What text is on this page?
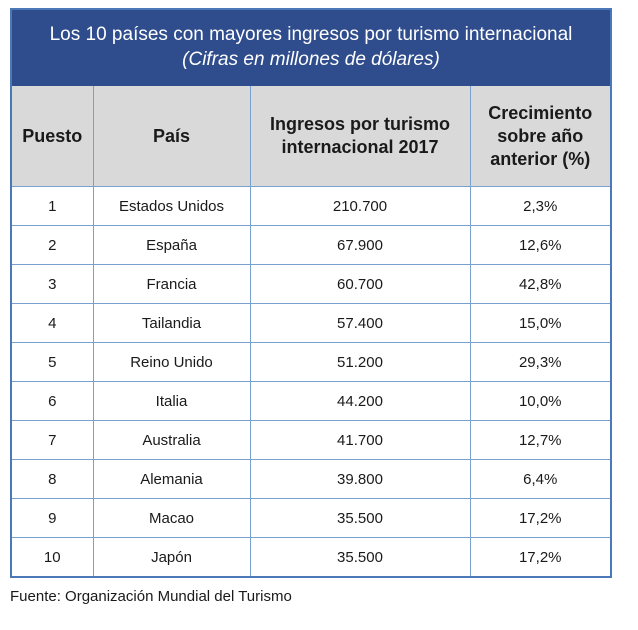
Los 10 países con mayores ingresos por turismo internacional
(Cifras en millones de dólares)
Puesto	País	Ingresos por turismo internacional 2017	Crecimiento sobre año anterior (%)
1	Estados Unidos	210.700	2,3%
2	España	67.900	12,6%
3	Francia	60.700	42,8%
4	Tailandia	57.400	15,0%
5	Reino Unido	51.200	29,3%
6	Italia	44.200	10,0%
7	Australia	41.700	12,7%
8	Alemania	39.800	6,4%
9	Macao	35.500	17,2%
10	Japón	35.500	17,2%
Fuente: Organización Mundial del Turismo
